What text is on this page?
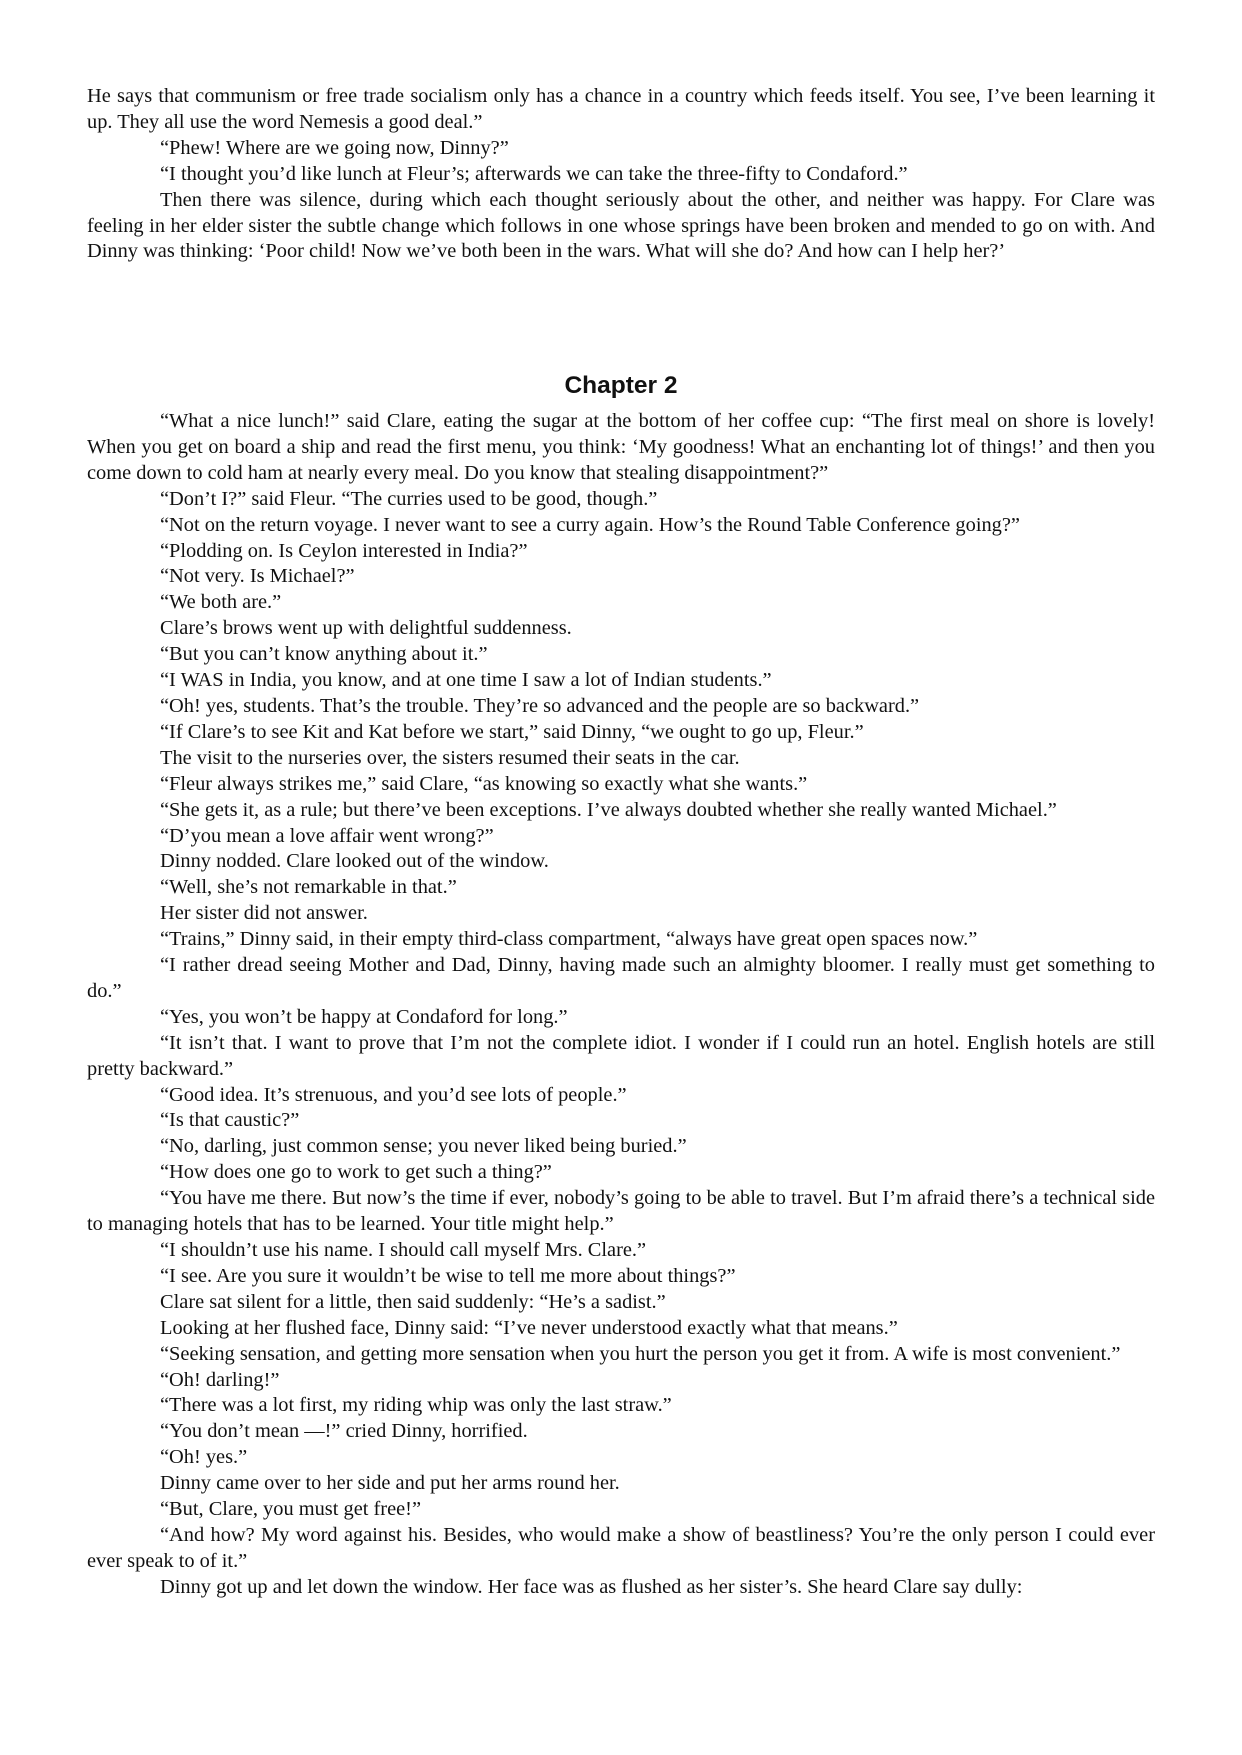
He says that communism or free trade socialism only has a chance in a country which feeds itself. You see, I’ve been learning it up. They all use the word Nemesis a good deal.”

“Phew! Where are we going now, Dinny?”

“I thought you’d like lunch at Fleur’s; afterwards we can take the three-fifty to Condaford.”

Then there was silence, during which each thought seriously about the other, and neither was happy. For Clare was feeling in her elder sister the subtle change which follows in one whose springs have been broken and mended to go on with. And Dinny was thinking: ‘Poor child! Now we’ve both been in the wars. What will she do? And how can I help her?’

Chapter 2

“What a nice lunch!” said Clare, eating the sugar at the bottom of her coffee cup: “The first meal on shore is lovely! When you get on board a ship and read the first menu, you think: ‘My goodness! What an enchanting lot of things!’ and then you come down to cold ham at nearly every meal. Do you know that stealing disappointment?”

“Don’t I?” said Fleur. “The curries used to be good, though.”

“Not on the return voyage. I never want to see a curry again. How’s the Round Table Conference going?”

“Plodding on. Is Ceylon interested in India?”

“Not very. Is Michael?”

“We both are.”

Clare’s brows went up with delightful suddenness.

“But you can’t know anything about it.”

“I WAS in India, you know, and at one time I saw a lot of Indian students.”

“Oh! yes, students. That’s the trouble. They’re so advanced and the people are so backward.”

“If Clare’s to see Kit and Kat before we start,” said Dinny, “we ought to go up, Fleur.”

The visit to the nurseries over, the sisters resumed their seats in the car.

“Fleur always strikes me,” said Clare, “as knowing so exactly what she wants.”

“She gets it, as a rule; but there’ve been exceptions. I’ve always doubted whether she really wanted Michael.”

“D’you mean a love affair went wrong?”

Dinny nodded. Clare looked out of the window.

“Well, she’s not remarkable in that.”

Her sister did not answer.

“Trains,” Dinny said, in their empty third-class compartment, “always have great open spaces now.”

“I rather dread seeing Mother and Dad, Dinny, having made such an almighty bloomer. I really must get something to do.”

“Yes, you won’t be happy at Condaford for long.”

“It isn’t that. I want to prove that I’m not the complete idiot. I wonder if I could run an hotel. English hotels are still pretty backward.”

“Good idea. It’s strenuous, and you’d see lots of people.”

“Is that caustic?”

“No, darling, just common sense; you never liked being buried.”

“How does one go to work to get such a thing?”

“You have me there. But now’s the time if ever, nobody’s going to be able to travel. But I’m afraid there’s a technical side to managing hotels that has to be learned. Your title might help.”

“I shouldn’t use his name. I should call myself Mrs. Clare.”

“I see. Are you sure it wouldn’t be wise to tell me more about things?”

Clare sat silent for a little, then said suddenly: “He’s a sadist.”

Looking at her flushed face, Dinny said: “I’ve never understood exactly what that means.”

“Seeking sensation, and getting more sensation when you hurt the person you get it from. A wife is most convenient.”

“Oh! darling!”

“There was a lot first, my riding whip was only the last straw.”

“You don’t mean —!” cried Dinny, horrified.

“Oh! yes.”

Dinny came over to her side and put her arms round her.

“But, Clare, you must get free!”

“And how? My word against his. Besides, who would make a show of beastliness? You’re the only person I could ever ever speak to of it.”

Dinny got up and let down the window. Her face was as flushed as her sister’s. She heard Clare say dully:
